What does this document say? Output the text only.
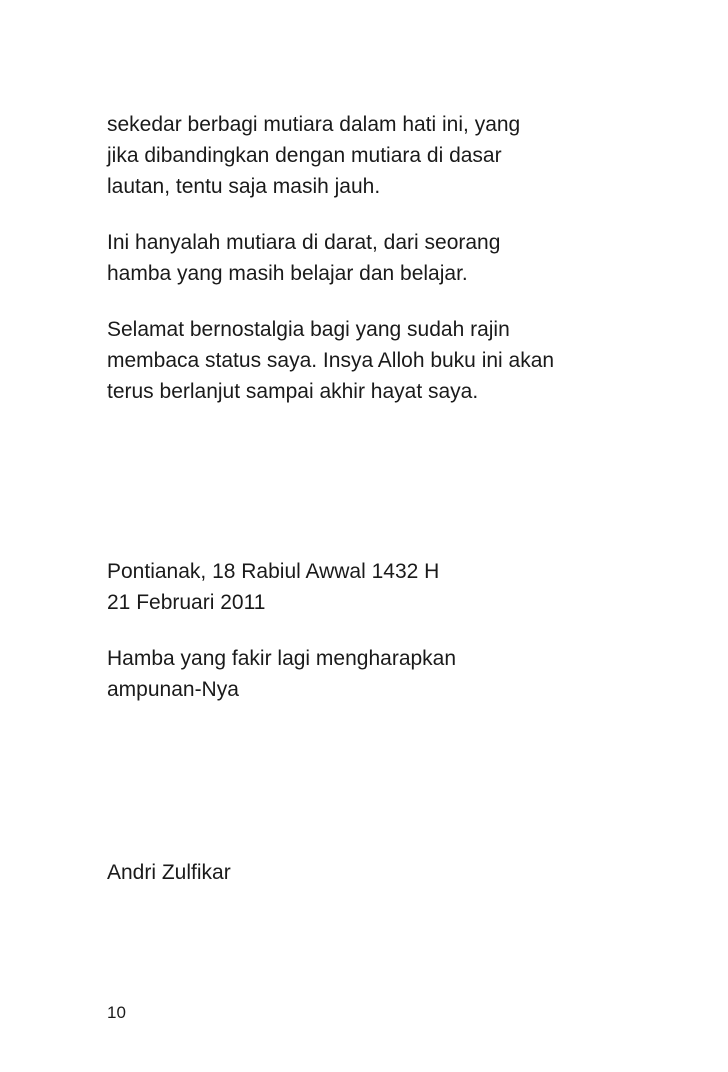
sekedar berbagi mutiara dalam hati ini, yang
jika dibandingkan dengan mutiara di dasar
lautan, tentu saja masih jauh.

Ini hanyalah mutiara di darat, dari seorang
hamba yang masih belajar dan belajar.

Selamat bernostalgia bagi yang sudah rajin
membaca status saya. Insya Alloh buku ini akan
terus berlanjut sampai akhir hayat saya.

Pontianak, 18 Rabiul Awwal 1432 H
21 Februari 2011

Hamba yang fakir lagi mengharapkan
ampunan-Nya

Andri Zulfikar

10
